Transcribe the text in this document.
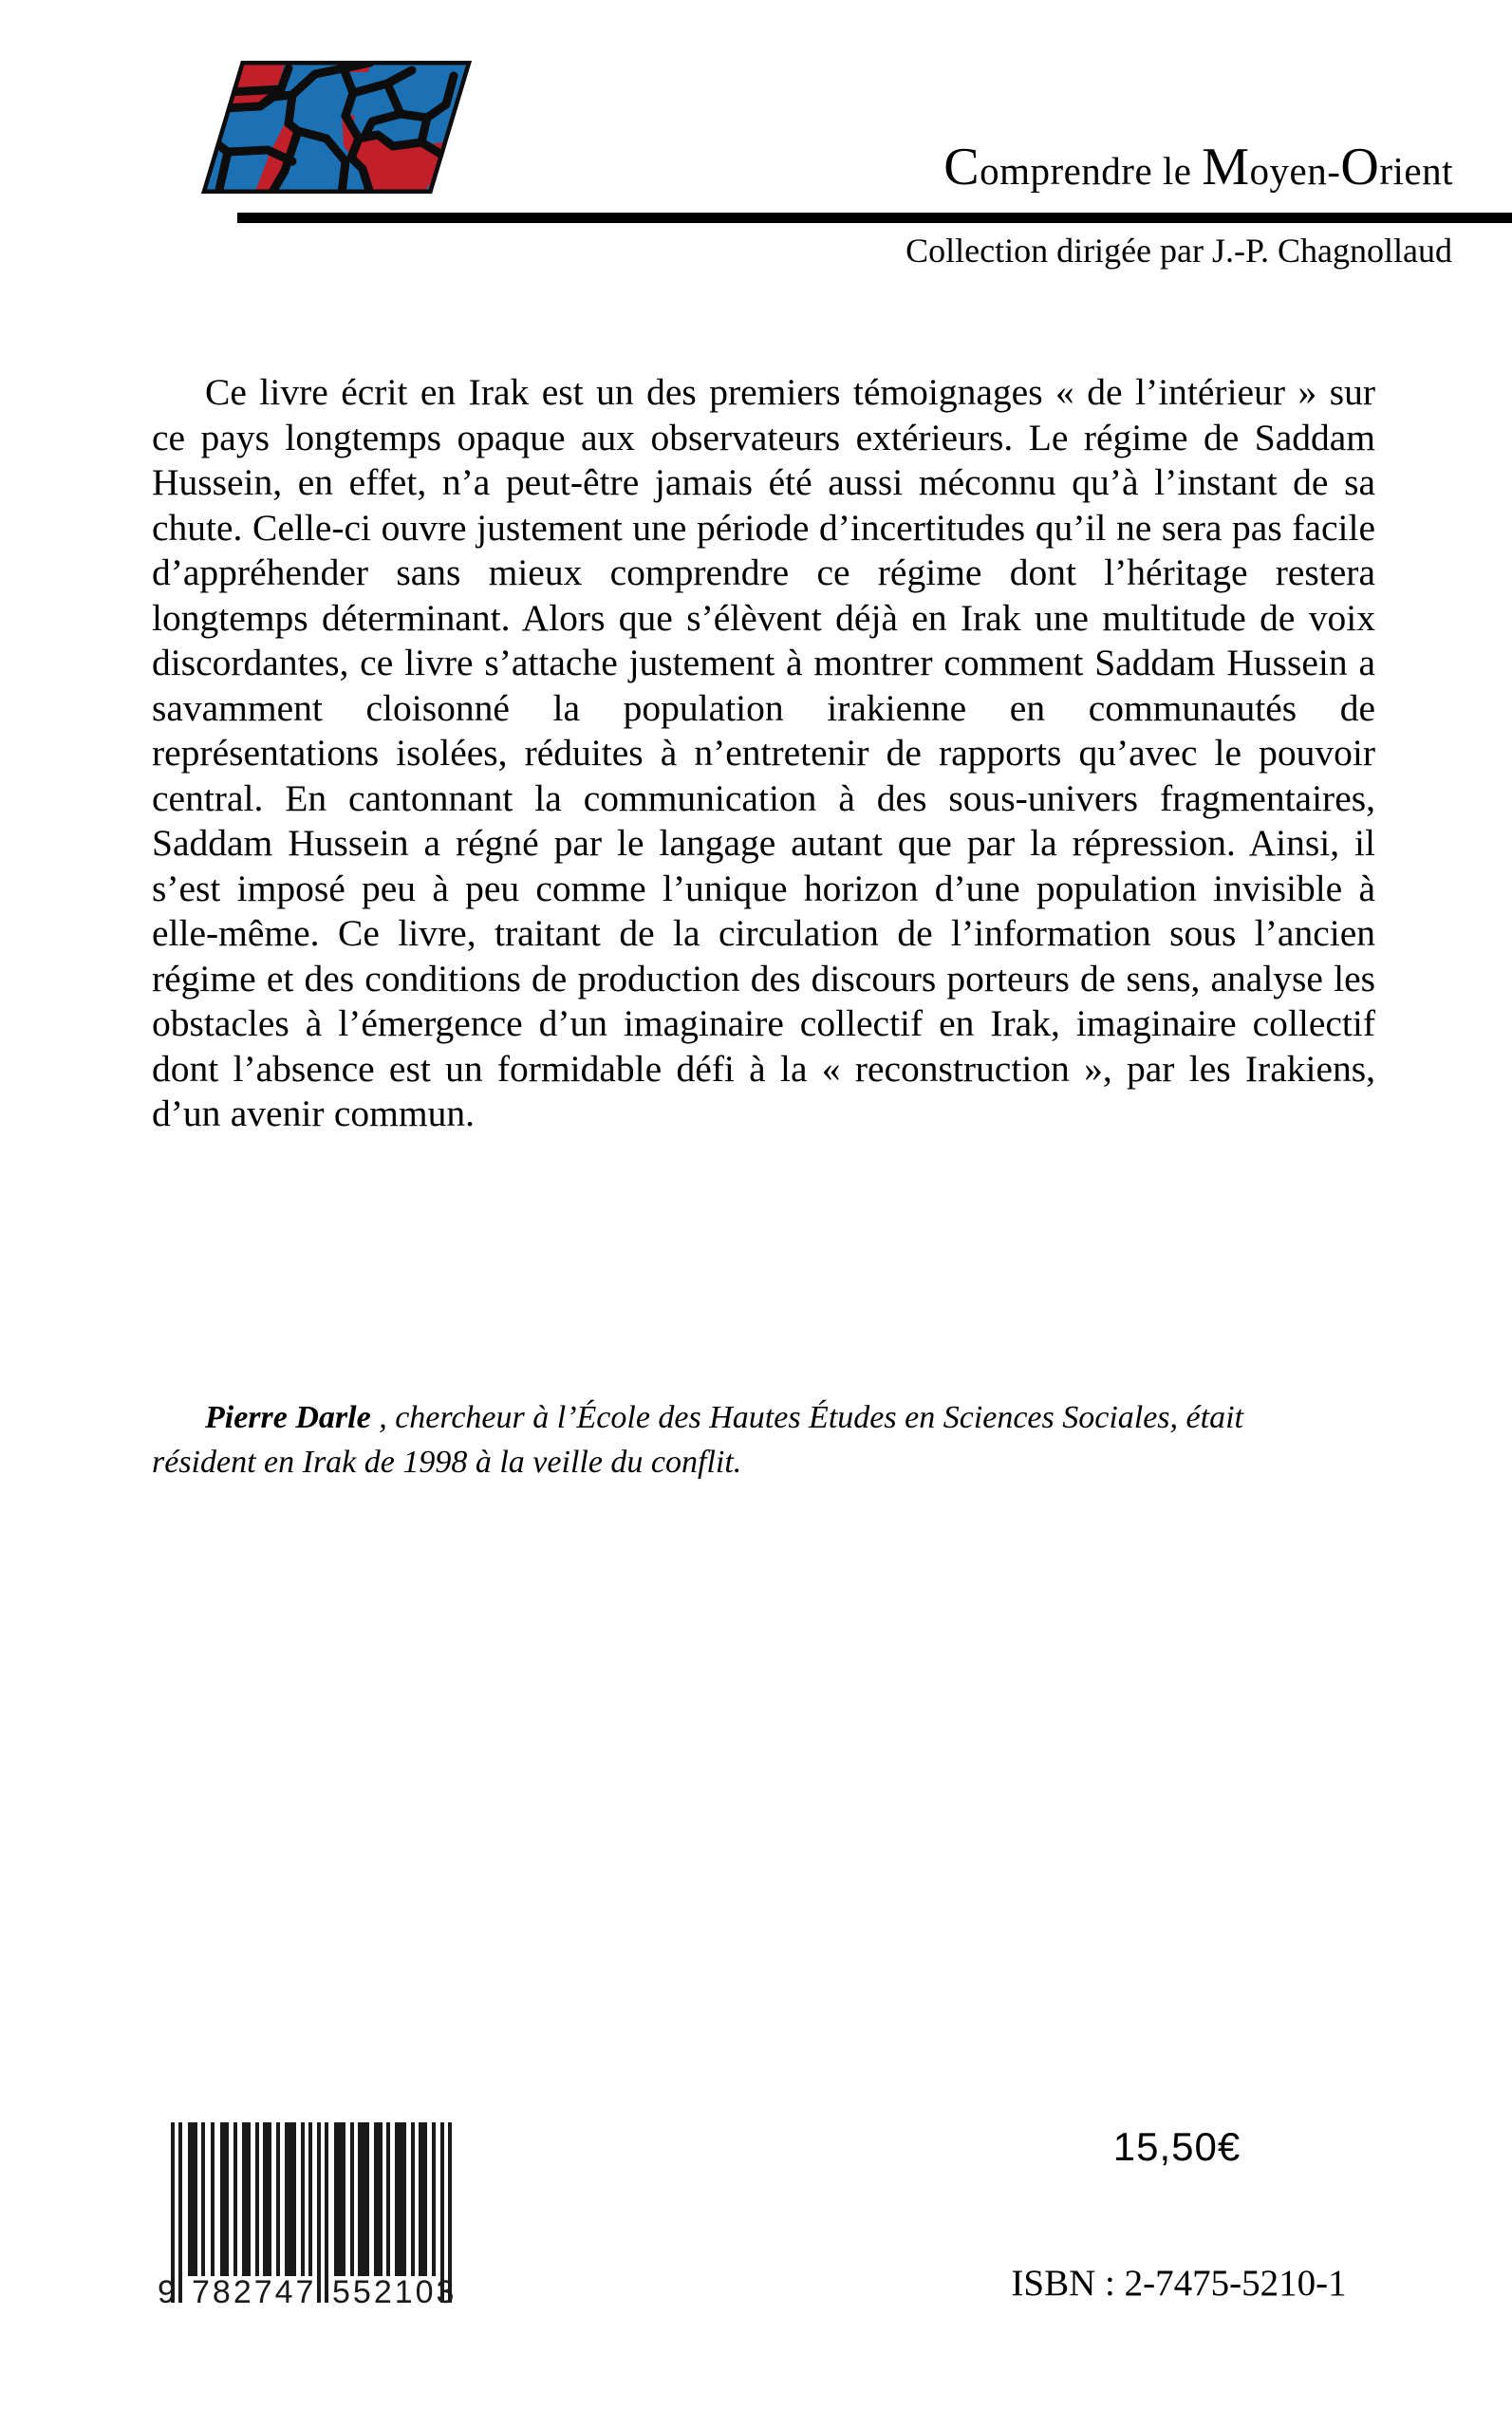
Comprendre le Moyen-Orient
Collection dirigée par J.-P. Chagnollaud
Ce livre écrit en Irak est un des premiers témoignages « de l’intérieur » sur ce pays longtemps opaque aux observateurs extérieurs. Le régime de Saddam Hussein, en effet, n’a peut-être jamais été aussi méconnu qu’à l’instant de sa chute. Celle-ci ouvre justement une période d’incertitudes qu’il ne sera pas facile d’appréhender sans mieux comprendre ce régime dont l’héritage restera longtemps déterminant. Alors que s’élèvent déjà en Irak une multitude de voix discordantes, ce livre s’attache justement à montrer comment Saddam Hussein a savamment cloisonné la population irakienne en communautés de représentations isolées, réduites à n’entretenir de rapports qu’avec le pouvoir central. En cantonnant la communication à des sous-univers fragmentaires, Saddam Hussein a régné par le langage autant que par la répression. Ainsi, il s’est imposé peu à peu comme l’unique horizon d’une population invisible à elle-même. Ce livre, traitant de la circulation de l’information sous l’ancien régime et des conditions de production des discours porteurs de sens, analyse les obstacles à l’émergence d’un imaginaire collectif en Irak, imaginaire collectif dont l’absence est un formidable défi à la « reconstruction », par les Irakiens, d’un avenir commun.
Pierre Darle , chercheur à l’École des Hautes Études en Sciences Sociales, était résident en Irak de 1998 à la veille du conflit.
9 782747 552103
15,50€
ISBN : 2-7475-5210-1
